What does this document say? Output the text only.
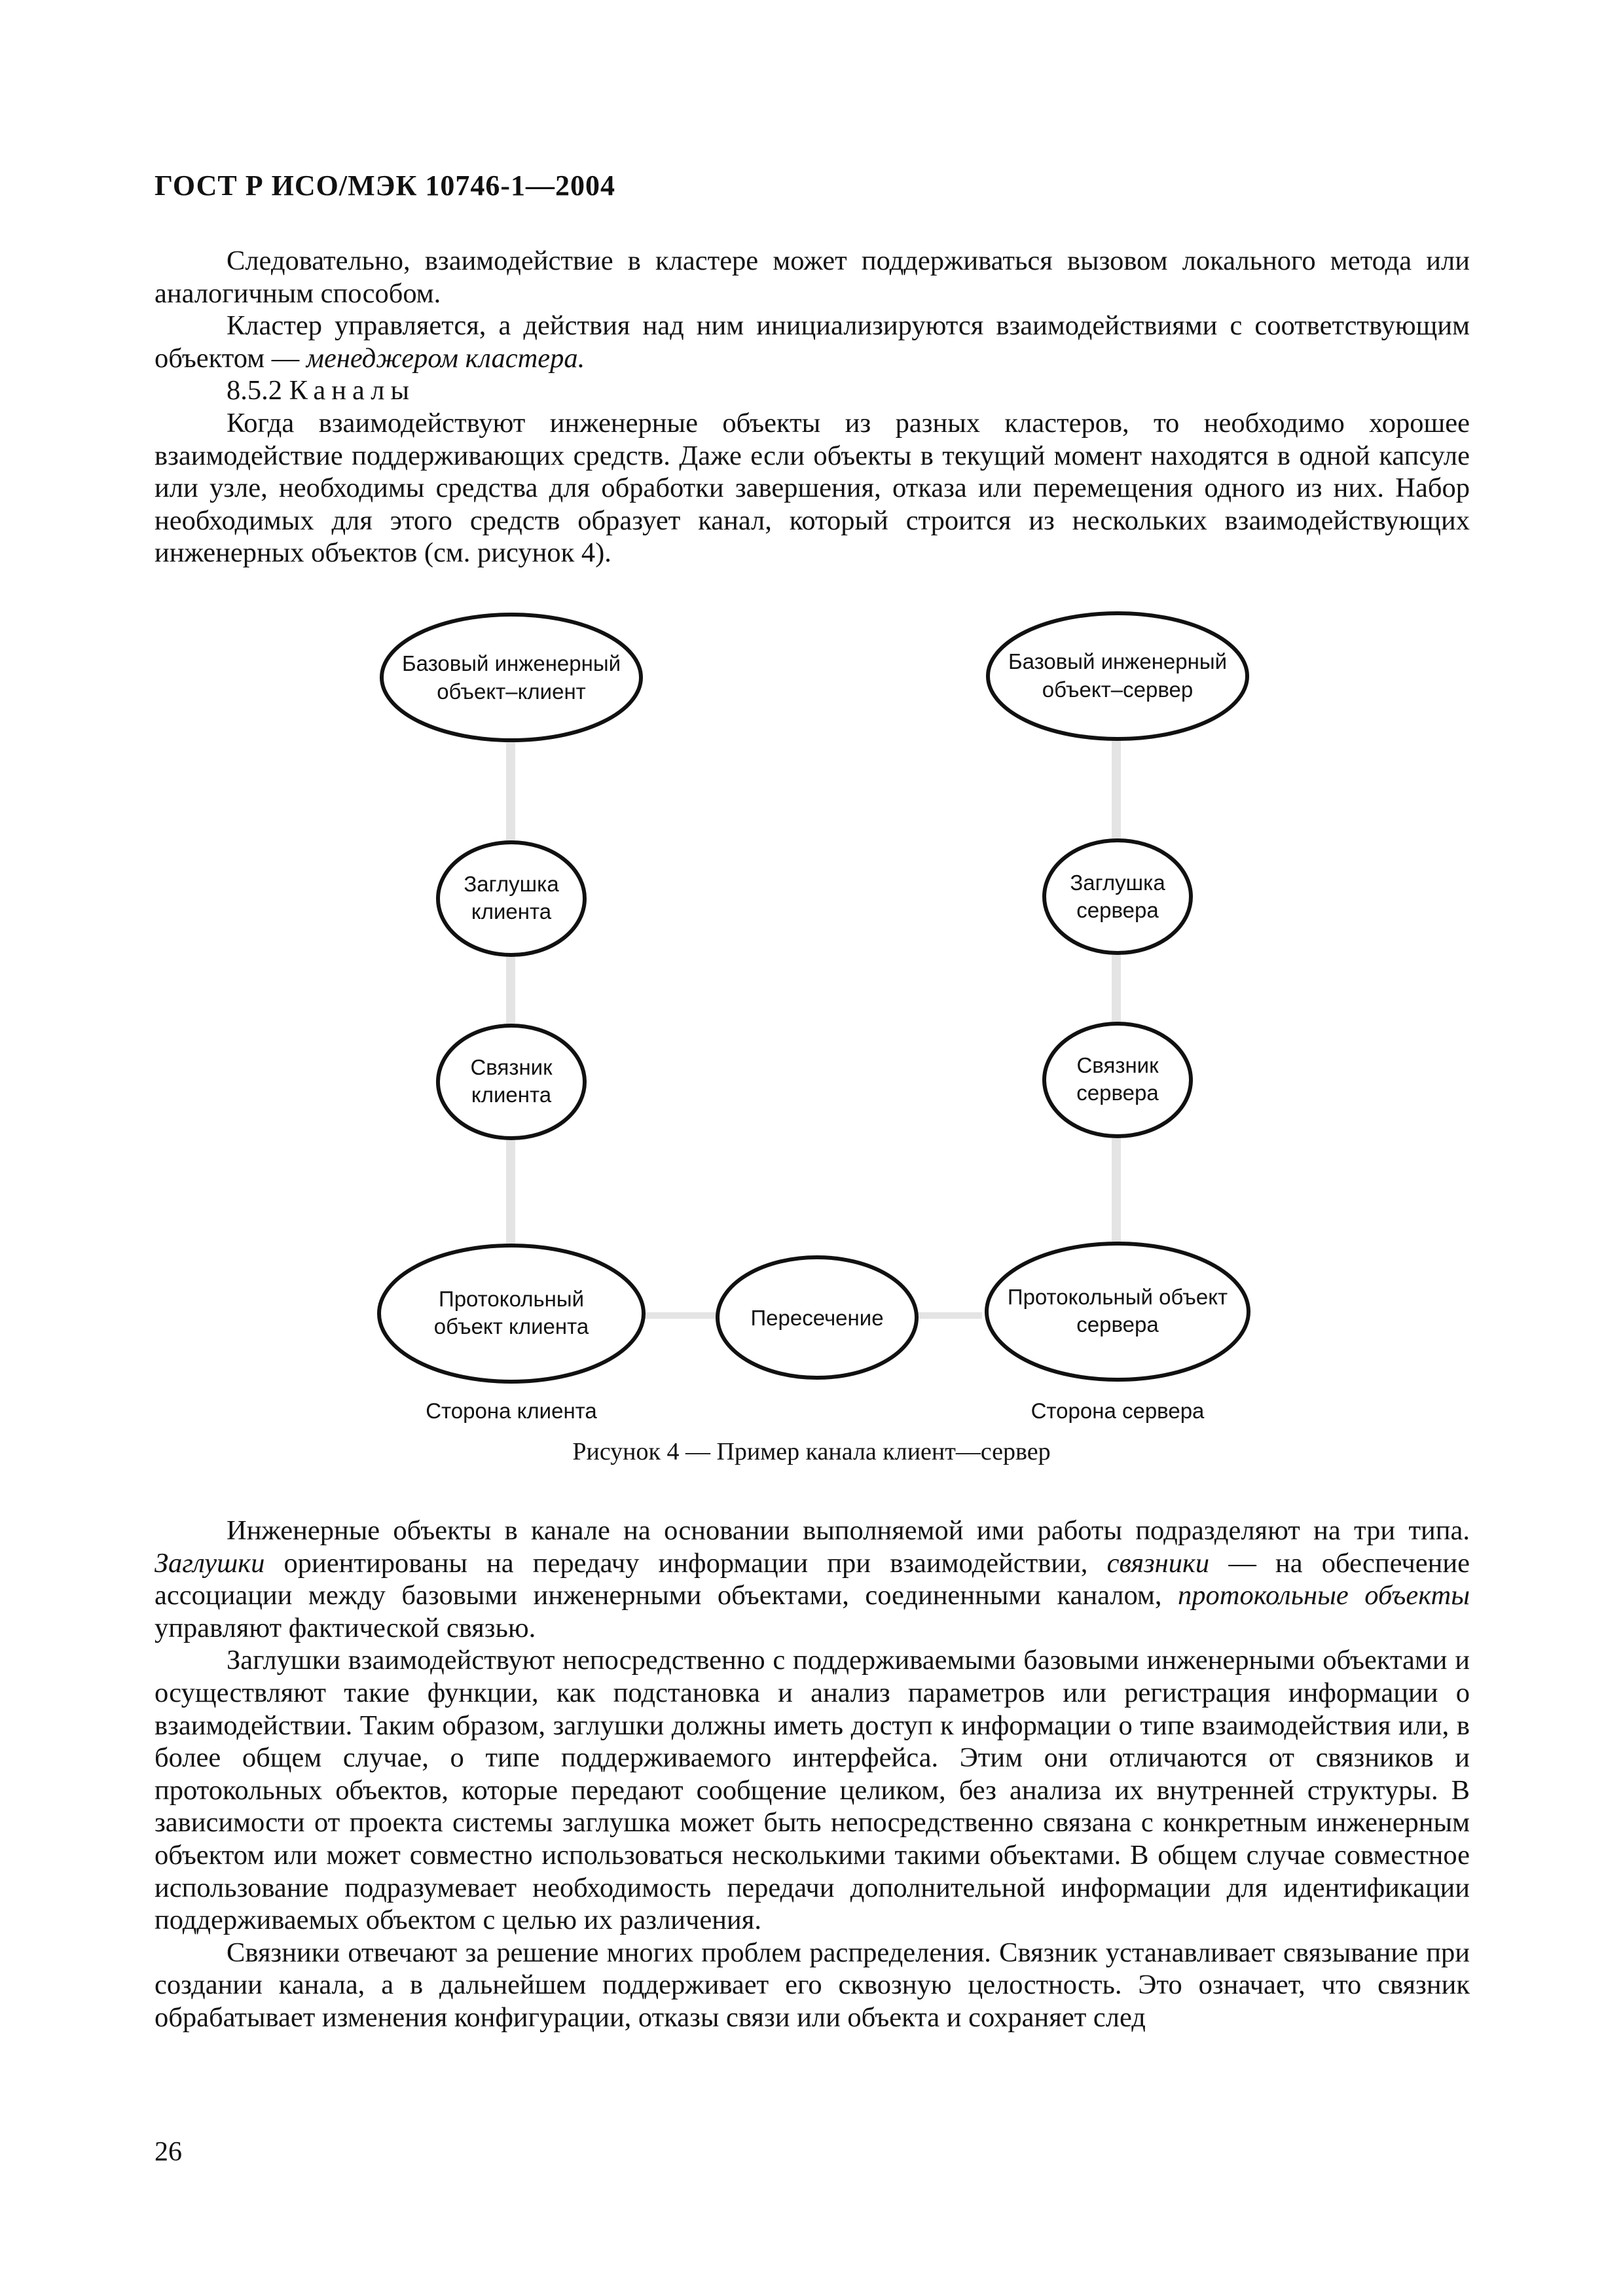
ГОСТ Р ИСО/МЭК 10746-1—2004

Следовательно, взаимодействие в кластере может поддерживаться вызовом локального метода или аналогичным способом.

Кластер управляется, а действия над ним инициализируются взаимодействиями с соответствующим объектом — менеджером кластера.

8.5.2 Каналы

Когда взаимодействуют инженерные объекты из разных кластеров, то необходимо хорошее взаимодействие поддерживающих средств. Даже если объекты в текущий момент находятся в одной капсуле или узле, необходимы средства для обработки завершения, отказа или перемещения одного из них. Набор необходимых для этого средств образует канал, который строится из нескольких взаимодействующих инженерных объектов (см. рисунок 4).

Базовый инженерный
объект–клиент
Заглушка
клиента
Связник
клиента
Протокольный
объект клиента	Пересечение
Базовый инженерный
объект–сервер
Заглушка
сервера
Связник
сервера
Протокольный объект
сервера
Сторона клиента	Сторона сервера
Рисунок 4 — Пример канала клиент—сервер

Инженерные объекты в канале на основании выполняемой ими работы подразделяют на три типа. Заглушки ориентированы на передачу информации при взаимодействии, связники — на обеспечение ассоциации между базовыми инженерными объектами, соединенными каналом, протокольные объекты управляют фактической связью.

Заглушки взаимодействуют непосредственно с поддерживаемыми базовыми инженерными объектами и осуществляют такие функции, как подстановка и анализ параметров или регистрация информации о взаимодействии. Таким образом, заглушки должны иметь доступ к информации о типе взаимодействия или, в более общем случае, о типе поддерживаемого интерфейса. Этим они отличаются от связников и протокольных объектов, которые передают сообщение целиком, без анализа их внутренней структуры. В зависимости от проекта системы заглушка может быть непосредственно связана с конкретным инженерным объектом или может совместно использоваться несколькими такими объектами. В общем случае совместное использование подразумевает необходимость передачи дополнительной информации для идентификации поддерживаемых объектом с целью их различения.

Связники отвечают за решение многих проблем распределения. Связник устанавливает связывание при создании канала, а в дальнейшем поддерживает его сквозную целостность. Это означает, что связник обрабатывает изменения конфигурации, отказы связи или объекта и сохраняет след

26
